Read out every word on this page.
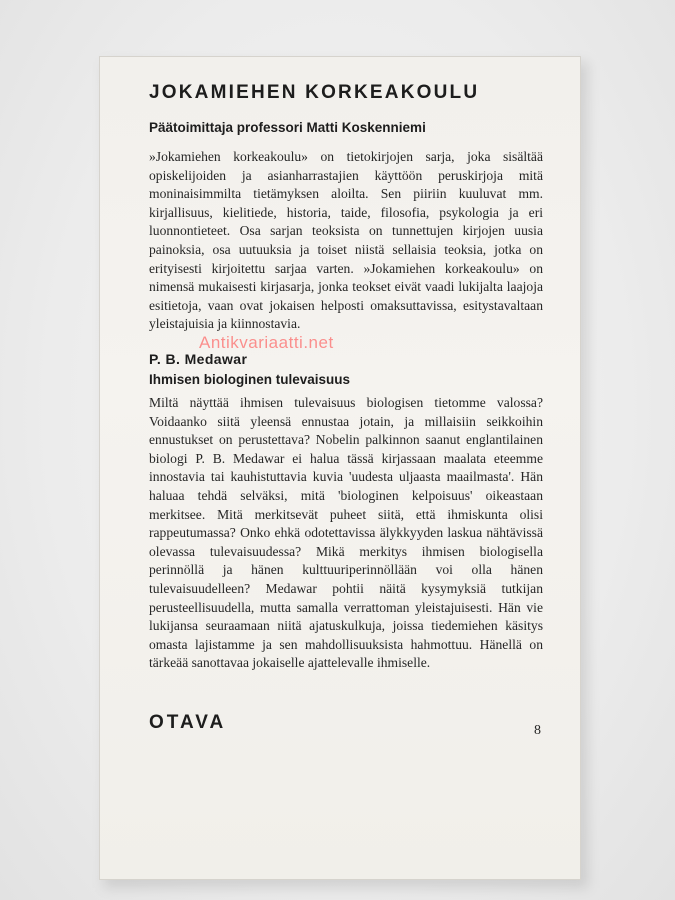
JOKAMIEHEN KORKEAKOULU
Päätoimittaja professori Matti Koskenniemi

»Jokamiehen korkeakoulu» on tietokirjojen sarja, joka sisältää opiskelijoiden ja asianharrastajien käyttöön peruskirjoja mitä moninaisimmilta tietämyksen aloilta. Sen piiriin kuuluvat mm. kirjallisuus, kielitiede, historia, taide, filosofia, psykologia ja eri luonnontieteet. Osa sarjan teoksista on tunnettujen kirjojen uusia painoksia, osa uutuuksia ja toiset niistä sellaisia teoksia, jotka on erityisesti kirjoitettu sarjaa varten. »Jokamiehen korkeakoulu» on nimensä mukaisesti kirjasarja, jonka teokset eivät vaadi lukijalta laajoja esitietoja, vaan ovat jokaisen helposti omaksuttavissa, esitystavaltaan yleistajuisia ja kiinnostavia.

P. B. Medawar
Ihmisen biologinen tulevaisuus

Miltä näyttää ihmisen tulevaisuus biologisen tietomme valossa? Voidaanko siitä yleensä ennustaa jotain, ja millaisiin seikkoihin ennustukset on perustettava? Nobelin palkinnon saanut englantilainen biologi P. B. Medawar ei halua tässä kirjassaan maalata eteemme innostavia tai kauhistuttavia kuvia 'uudesta uljaasta maailmasta'. Hän haluaa tehdä selväksi, mitä 'biologinen kelpoisuus' oikeastaan merkitsee. Mitä merkitsevät puheet siitä, että ihmiskunta olisi rappeutumassa? Onko ehkä odotettavissa älykkyyden laskua nähtävissä olevassa tulevaisuudessa? Mikä merkitys ihmisen biologisella perinnöllä ja hänen kulttuuriperinnöllään voi olla hänen tulevaisuudelleen? Medawar pohtii näitä kysymyksiä tutkijan perusteellisuudella, mutta samalla verrattoman yleistajuisesti. Hän vie lukijansa seuraamaan niitä ajatuskulkuja, joissa tiedemiehen käsitys omasta lajistamme ja sen mahdollisuuksista hahmottuu. Hänellä on tärkeää sanottavaa jokaiselle ajattelevalle ihmiselle.

OTAVA	8
Antikvariaatti.net
